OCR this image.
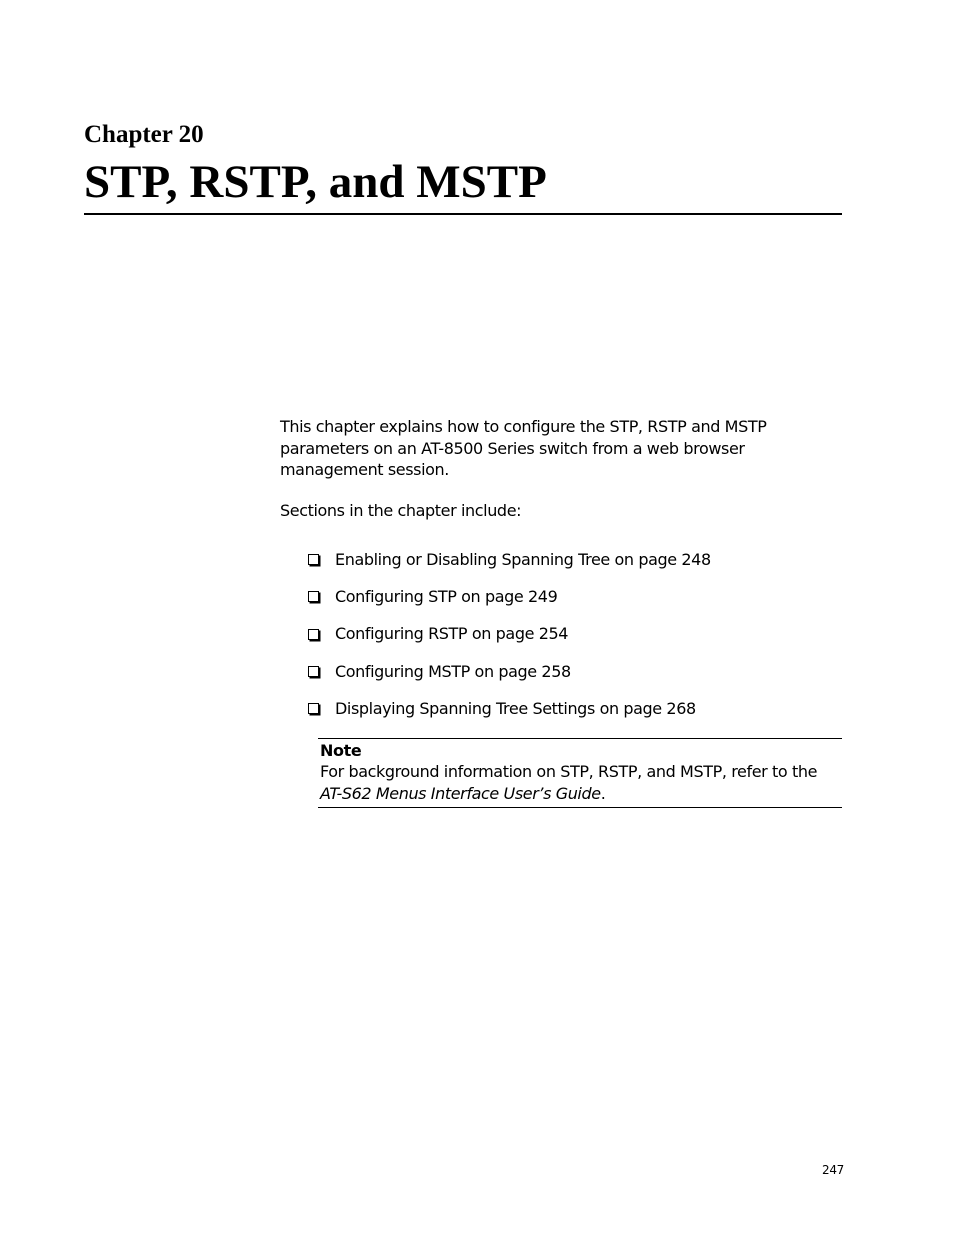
Chapter 20
STP, RSTP, and MSTP

This chapter explains how to configure the STP, RSTP and MSTP parameters on an AT-8500 Series switch from a web browser management session.

Sections in the chapter include:

Enabling or Disabling Spanning Tree on page 248
Configuring STP on page 249
Configuring RSTP on page 254
Configuring MSTP on page 258
Displaying Spanning Tree Settings on page 268
Note
For background information on STP, RSTP, and MSTP, refer to the AT-S62 Menus Interface User’s Guide.
247
